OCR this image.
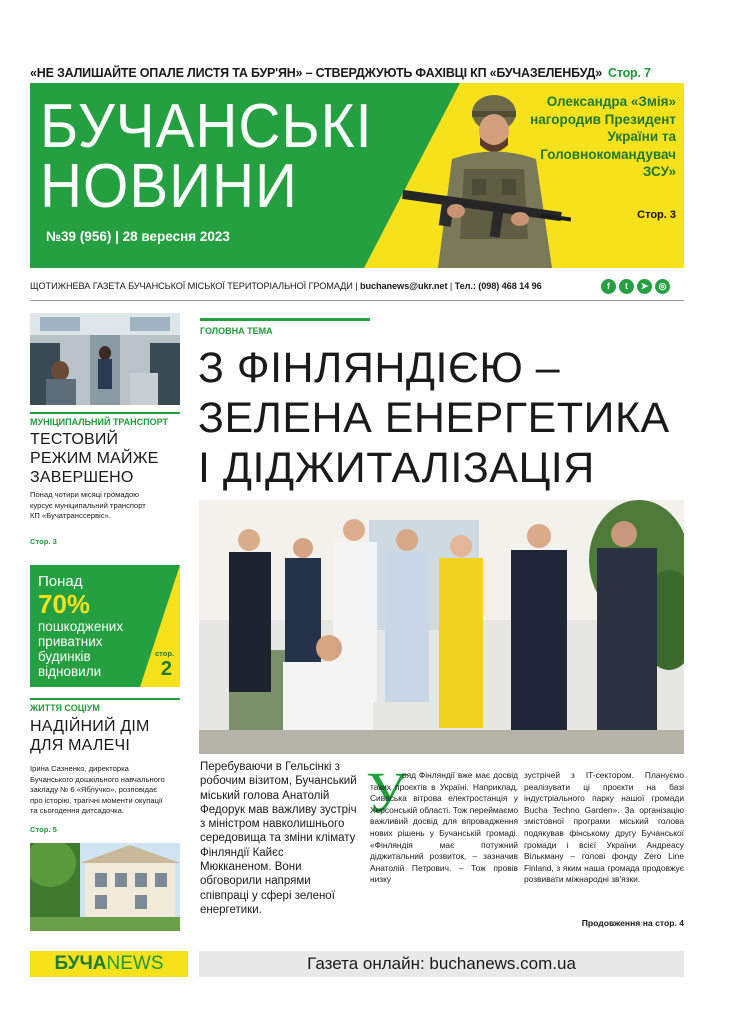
«НЕ ЗАЛИШАЙТЕ ОПАЛЕ ЛИСТЯ ТА БУР'ЯН» – СТВЕРДЖУЮТЬ ФАХІВЦІ КП «БУЧАЗЕЛЕНБУД» Стор. 7
БУЧАНСЬКІ
НОВИНИ
№39 (956) | 28 вересня 2023
Олександра «Змія» нагородив Президент України та Головнокомандувач ЗСУ»
Стор. 3
ЩОТИЖНЕВА ГАЗЕТА БУЧАНСЬКОЇ МІСЬКОЇ ТЕРИТОРІАЛЬНОЇ ГРОМАДИ | buchanews@ukr.net | Тел.: (098) 468 14 96	f	t	➤	◎
МУНІЦИПАЛЬНИЙ ТРАНСПОРТ
ТЕСТОВИЙ РЕЖИМ МАЙЖЕ ЗАВЕРШЕНО
Понад чотири місяці громадою курсує муніципальний транспорт КП «Бучатранссервіс».
Стор. 3
Понад
70%
пошкоджених приватних будинків відновили
стор.
2
ЖИТТЯ СОЦІУМ
НАДІЙНИЙ ДІМ ДЛЯ МАЛЕЧІ
Ірина Сазненко, директорка Бучанського дошкільного навчального закладу № 6 «Яблучко», розповідає про історію, трагічні моменти окупації та сьогодення дитсадочка.
Стор. 5
ГОЛОВНА ТЕМА
З ФІНЛЯНДІЄЮ – ЗЕЛЕНА ЕНЕРГЕТИКА І ДІДЖИТАЛІЗАЦІЯ
Перебуваючи в Гельсінкі з робочим візитом, Бучанський міський голова Анатолій Федорук мав важливу зустріч з міністром навколишнього середовища та зміни клімату Фінляндії Кайєс Мюкканеном. Вони обговорили напрями співпраці у сфері зеленої енергетики.
У
ряд Фінляндії вже має досвід таких проєктів в Україні. Наприклад, Сиваська вітрова електростанція у Херсонській області. Тож переймаємо важливий досвід для впровадження нових рішень у Бучанській громаді. «Фінляндія має потужний діджитальний розвиток, – зазначив Анатолій Петрович. – Тож провів низку
зустрічей з IT-сектором. Плануємо реалізувати ці проєкти на базі індустріального парку нашої громади Bucha Techno Garden». За організацію змістовної програми міський голова подякував фінському другу Бучанської громади і всієї України Андреасу Вількману – голові фонду Zero Line Finland, з яким наша громада продовжує розвивати міжнародні зв'язки.
Продовження на стор. 4
БУЧА NEWS	Газета онлайн: buchanews.com.ua
